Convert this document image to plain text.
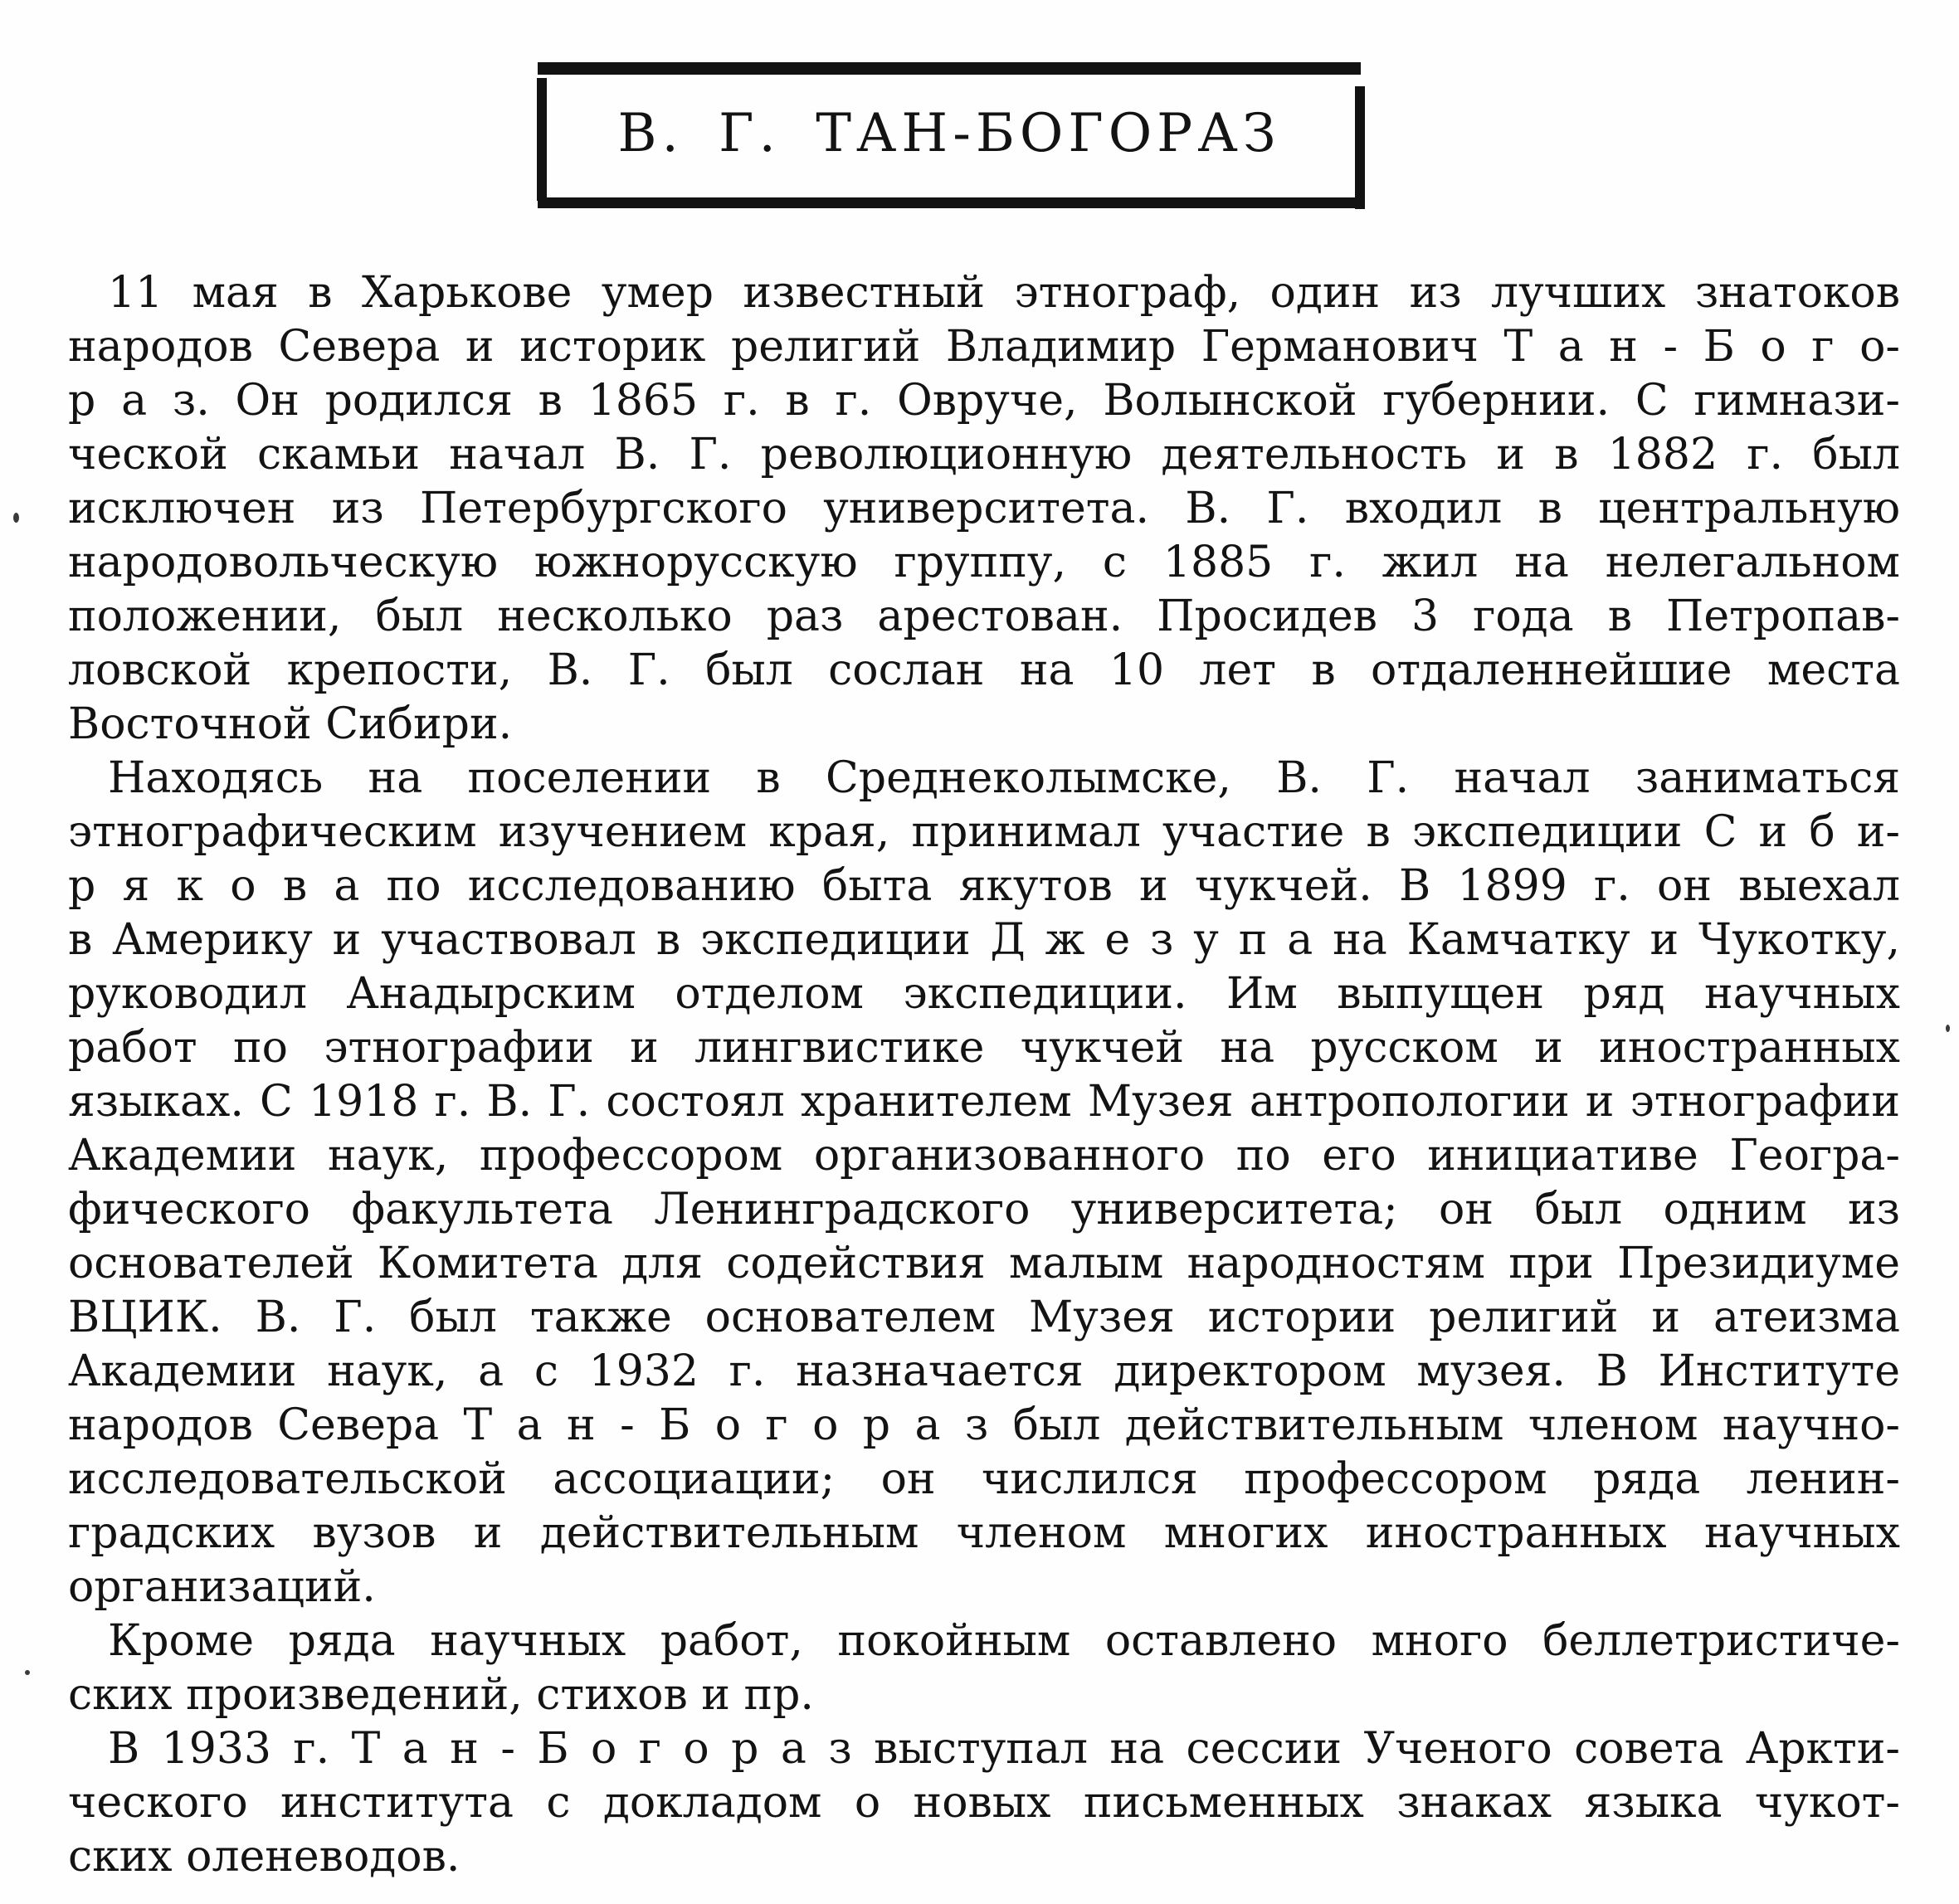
В. Г. ТАН-БОГОРАЗ
11 мая в Харькове умер известный этнограф, один из лучших знатоков
народов Севера и историк религий Владимир Германович Т а н - Б о г о-
р а з. Он родился в 1865 г. в г. Овруче, Волынской губернии. С гимнази-
ческой скамьи начал В. Г. революционную деятельность и в 1882 г. был
исключен из Петербургского университета. В. Г. входил в центральную
народовольческую южнорусскую группу, с 1885 г. жил на нелегальном
положении, был несколько раз арестован. Просидев 3 года в Петропав-
ловской крепости, В. Г. был сослан на 10 лет в отдаленнейшие места
Восточной Сибири.
Находясь на поселении в Среднеколымске, В. Г. начал заниматься
этнографическим изучением края, принимал участие в экспедиции С и б и-
р я к о в а по исследованию быта якутов и чукчей. В 1899 г. он выехал
в Америку и участвовал в экспедиции Д ж е з у п а на Камчатку и Чукотку,
руководил Анадырским отделом экспедиции. Им выпущен ряд научных
работ по этнографии и лингвистике чукчей на русском и иностранных
языках. С 1918 г. В. Г. состоял хранителем Музея антропологии и этнографии
Академии наук, профессором организованного по его инициативе Геогра-
фического факультета Ленинградского университета; он был одним из
основателей Комитета для содействия малым народностям при Президиуме
ВЦИК. В. Г. был также основателем Музея истории религий и атеизма
Академии наук, а с 1932 г. назначается директором музея. В Институте
народов Севера Т а н - Б о г о р а з был действительным членом научно-
исследовательской ассоциации; он числился профессором ряда ленин-
градских вузов и действительным членом многих иностранных научных
организаций.
Кроме ряда научных работ, покойным оставлено много беллетристиче-
ских произведений, стихов и пр.
В 1933 г. Т а н - Б о г о р а з выступал на сессии Ученого совета Аркти-
ческого института с докладом о новых письменных знаках языка чукот-
ских оленеводов.
